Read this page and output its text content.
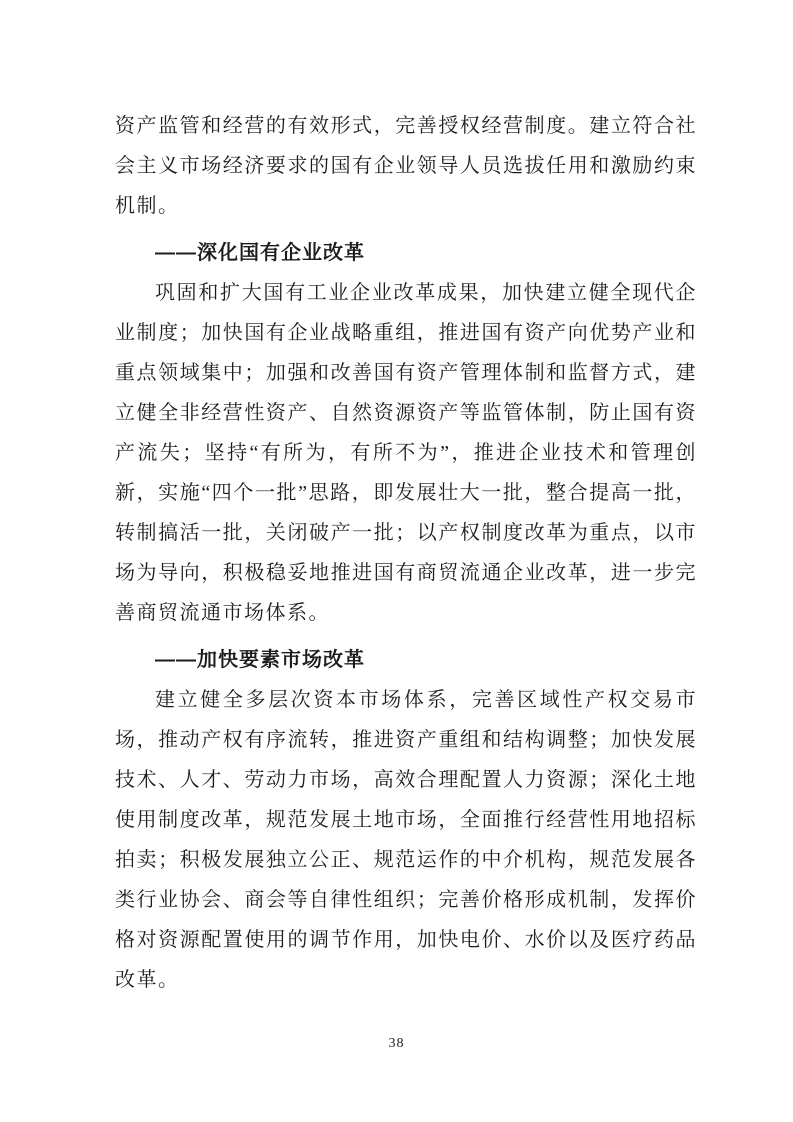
资产监管和经营的有效形式，完善授权经营制度。建立符合社会主义市场经济要求的国有企业领导人员选拔任用和激励约束机制。

——深化国有企业改革

巩固和扩大国有工业企业改革成果，加快建立健全现代企业制度；加快国有企业战略重组，推进国有资产向优势产业和重点领域集中；加强和改善国有资产管理体制和监督方式，建立健全非经营性资产、自然资源资产等监管体制，防止国有资产流失；坚持“有所为，有所不为”，推进企业技术和管理创新，实施“四个一批”思路，即发展壮大一批，整合提高一批，转制搞活一批，关闭破产一批；以产权制度改革为重点，以市场为导向，积极稳妥地推进国有商贸流通企业改革，进一步完善商贸流通市场体系。

——加快要素市场改革

建立健全多层次资本市场体系，完善区域性产权交易市场，推动产权有序流转，推进资产重组和结构调整；加快发展技术、人才、劳动力市场，高效合理配置人力资源；深化土地使用制度改革，规范发展土地市场，全面推行经营性用地招标拍卖；积极发展独立公正、规范运作的中介机构，规范发展各类行业协会、商会等自律性组织；完善价格形成机制，发挥价格对资源配置使用的调节作用，加快电价、水价以及医疗药品改革。

38
